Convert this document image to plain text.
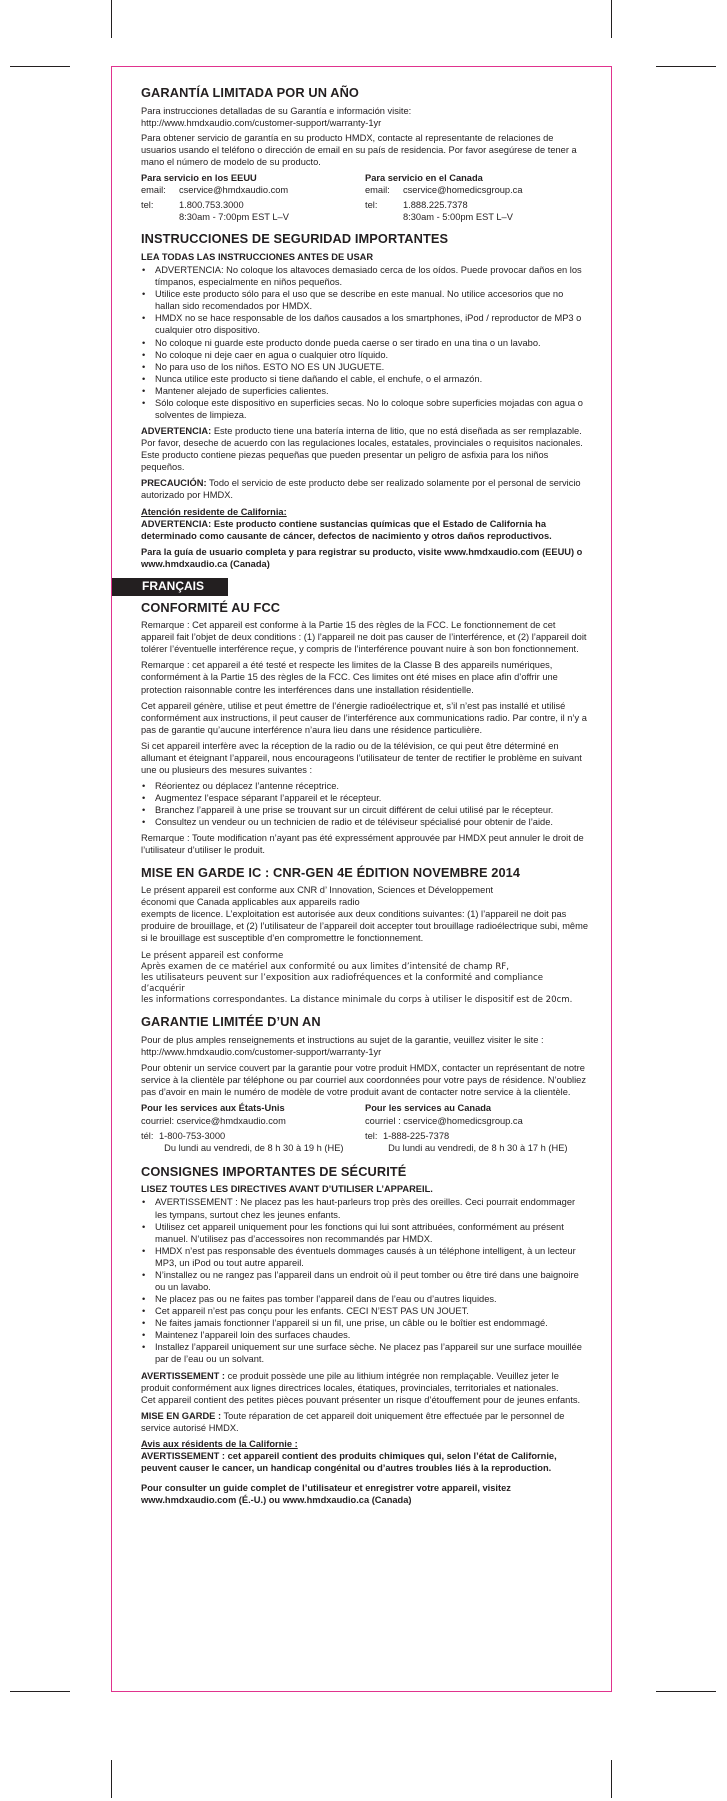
GARANTÍA LIMITADA POR UN AÑO

Para instrucciones detalladas de su Garantía e información visite:
http://www.hmdxaudio.com/customer-support/warranty-1yr

Para obtener servicio de garantía en su producto HMDX, contacte al representante de relaciones de usuarios usando el teléfono o dirección de email en su país de residencia. Por favor asegúrese de tener a mano el número de modelo de su producto.

Para servicio en los EEUU
email:	cservice@hmdxaudio.com
tel:	1.800.753.3000
8:30am - 7:00pm EST L–V
Para servicio en el Canada
email:	cservice@homedicsgroup.ca
tel:	1.888.225.7378
8:30am - 5:00pm EST L–V
INSTRUCCIONES DE SEGURIDAD IMPORTANTES
LEA TODAS LAS INSTRUCCIONES ANTES DE USAR
• ADVERTENCIA: No coloque los altavoces demasiado cerca de los oídos. Puede provocar daños en los tímpanos, especialmente en niños pequeños.
• Utilice este producto sólo para el uso que se describe en este manual. No utilice accesorios que no hallan sido recomendados por HMDX.
• HMDX no se hace responsable de los daños causados a los smartphones, iPod / reproductor de MP3 o cualquier otro dispositivo.
• No coloque ni guarde este producto donde pueda caerse o ser tirado en una tina o un lavabo.
• No coloque ni deje caer en agua o cualquier otro líquido.
• No para uso de los niños. ESTO NO ES UN JUGUETE.
• Nunca utilice este producto si tiene dañando el cable, el enchufe, o el armazón.
• Mantener alejado de superficies calientes.
• Sólo coloque este dispositivo en superficies secas. No lo coloque sobre superficies mojadas con agua o solventes de limpieza.

ADVERTENCIA: Este producto tiene una batería interna de litio, que no está diseñada as ser remplazable. Por favor, deseche de acuerdo con las regulaciones locales, estatales, provinciales o requisitos nacionales. Este producto contiene piezas pequeñas que pueden presentar un peligro de asfixia para los niños pequeños.

PRECAUCIÓN: Todo el servicio de este producto debe ser realizado solamente por el personal de servicio autorizado por HMDX.

Atención residente de California:

ADVERTENCIA: Este producto contiene sustancias químicas que el Estado de California ha determinado como causante de cáncer, defectos de nacimiento y otros daños reproductivos.

Para la guía de usuario completa y para registrar su producto, visite www.hmdxaudio.com (EEUU) o www.hmdxaudio.ca (Canada)

FRANÇAIS
CONFORMITÉ AU FCC

Remarque : Cet appareil est conforme à la Partie 15 des règles de la FCC. Le fonctionnement de cet appareil fait l’objet de deux conditions : (1) l’appareil ne doit pas causer de l’interférence, et (2) l’appareil doit tolérer l’éventuelle interférence reçue, y compris de l’interférence pouvant nuire à son bon fonctionnement.

Remarque : cet appareil a été testé et respecte les limites de la Classe B des appareils numériques, conformément à la Partie 15 des règles de la FCC. Ces limites ont été mises en place afin d’offrir une protection raisonnable contre les interférences dans une installation résidentielle.

Cet appareil génère, utilise et peut émettre de l’énergie radioélectrique et, s’il n’est pas installé et utilisé conformément aux instructions, il peut causer de l’interférence aux communications radio. Par contre, il n’y a pas de garantie qu’aucune interférence n’aura lieu dans une résidence particulière.

Si cet appareil interfère avec la réception de la radio ou de la télévision, ce qui peut être déterminé en allumant et éteignant l’appareil, nous encourageons l’utilisateur de tenter de rectifier le problème en suivant une ou plusieurs des mesures suivantes :

• Réorientez ou déplacez l’antenne réceptrice.
• Augmentez l’espace séparant l’appareil et le récepteur.
• Branchez l’appareil à une prise se trouvant sur un circuit différent de celui utilisé par le récepteur.
• Consultez un vendeur ou un technicien de radio et de téléviseur spécialisé pour obtenir de l’aide.

Remarque : Toute modification n’ayant pas été expressément approuvée par HMDX peut annuler le droit de l’utilisateur d’utiliser le produit.

MISE EN GARDE IC : CNR-GEN 4E ÉDITION NOVEMBRE 2014
Le présent appareil est conforme aux CNR d’ Innovation, Sciences et Développement
économi que Canada applicables aux appareils radio

exempts de licence. L’exploitation est autorisée aux deux conditions suivantes: (1) l’appareil ne doit pas produire de brouillage, et (2) l’utilisateur de l’appareil doit accepter tout brouillage radioélectrique subi, même si le brouillage est susceptible d’en compromettre le fonctionnement.

Le présent appareil est conforme
Après examen de ce matériel aux conformité ou aux limites d’intensité de champ RF,
les utilisateurs peuvent sur l’exposition aux radiofréquences et la conformité and compliance d’acquérir
les informations correspondantes. La distance minimale du corps à utiliser le dispositif est de 20cm.
GARANTIE LIMITÉE D’UN AN

Pour de plus amples renseignements et instructions au sujet de la garantie, veuillez visiter le site : http://www.hmdxaudio.com/customer-support/warranty-1yr

Pour obtenir un service couvert par la garantie pour votre produit HMDX, contacter un représentant de notre service à la clientèle par téléphone ou par courriel aux coordonnées pour votre pays de résidence. N’oubliez pas d’avoir en main le numéro de modèle de votre produit avant de contacter notre service à la clientèle.

Pour les services aux États-Unis
courriel: cservice@hmdxaudio.com
tél: 1-800-753-3000
Du lundi au vendredi, de 8 h 30 à 19 h (HE)
Pour les services au Canada
courriel : cservice@homedicsgroup.ca
tel: 1-888-225-7378
Du lundi au vendredi, de 8 h 30 à 17 h (HE)
CONSIGNES IMPORTANTES DE SÉCURITÉ
LISEZ TOUTES LES DIRECTIVES AVANT D’UTILISER L’APPAREIL.
• AVERTISSEMENT : Ne placez pas les haut-parleurs trop près des oreilles. Ceci pourrait endommager les tympans, surtout chez les jeunes enfants.
• Utilisez cet appareil uniquement pour les fonctions qui lui sont attribuées, conformément au présent manuel. N’utilisez pas d’accessoires non recommandés par HMDX.
• HMDX n’est pas responsable des éventuels dommages causés à un téléphone intelligent, à un lecteur MP3, un iPod ou tout autre appareil.
• N’installez ou ne rangez pas l’appareil dans un endroit où il peut tomber ou être tiré dans une baignoire ou un lavabo.
• Ne placez pas ou ne faites pas tomber l’appareil dans de l’eau ou d’autres liquides.
• Cet appareil n’est pas conçu pour les enfants. CECI N’EST PAS UN JOUET.
• Ne faites jamais fonctionner l’appareil si un fil, une prise, un câble ou le boîtier est endommagé.
• Maintenez l’appareil loin des surfaces chaudes.
• Installez l’appareil uniquement sur une surface sèche. Ne placez pas l’appareil sur une surface mouillée par de l’eau ou un solvant.

AVERTISSEMENT : ce produit possède une pile au lithium intégrée non remplaçable. Veuillez jeter le produit conformément aux lignes directrices locales, étatiques, provinciales, territoriales et nationales.

Cet appareil contient des petites pièces pouvant présenter un risque d’étouffement pour de jeunes enfants.

MISE EN GARDE : Toute réparation de cet appareil doit uniquement être effectuée par le personnel de service autorisé HMDX.

Avis aux résidents de la Californie :

AVERTISSEMENT : cet appareil contient des produits chimiques qui, selon l’état de Californie, peuvent causer le cancer, un handicap congénital ou d’autres troubles liés à la reproduction.

Pour consulter un guide complet de l’utilisateur et enregistrer votre appareil, visitez www.hmdxaudio.com (É.-U.) ou www.hmdxaudio.ca (Canada)
